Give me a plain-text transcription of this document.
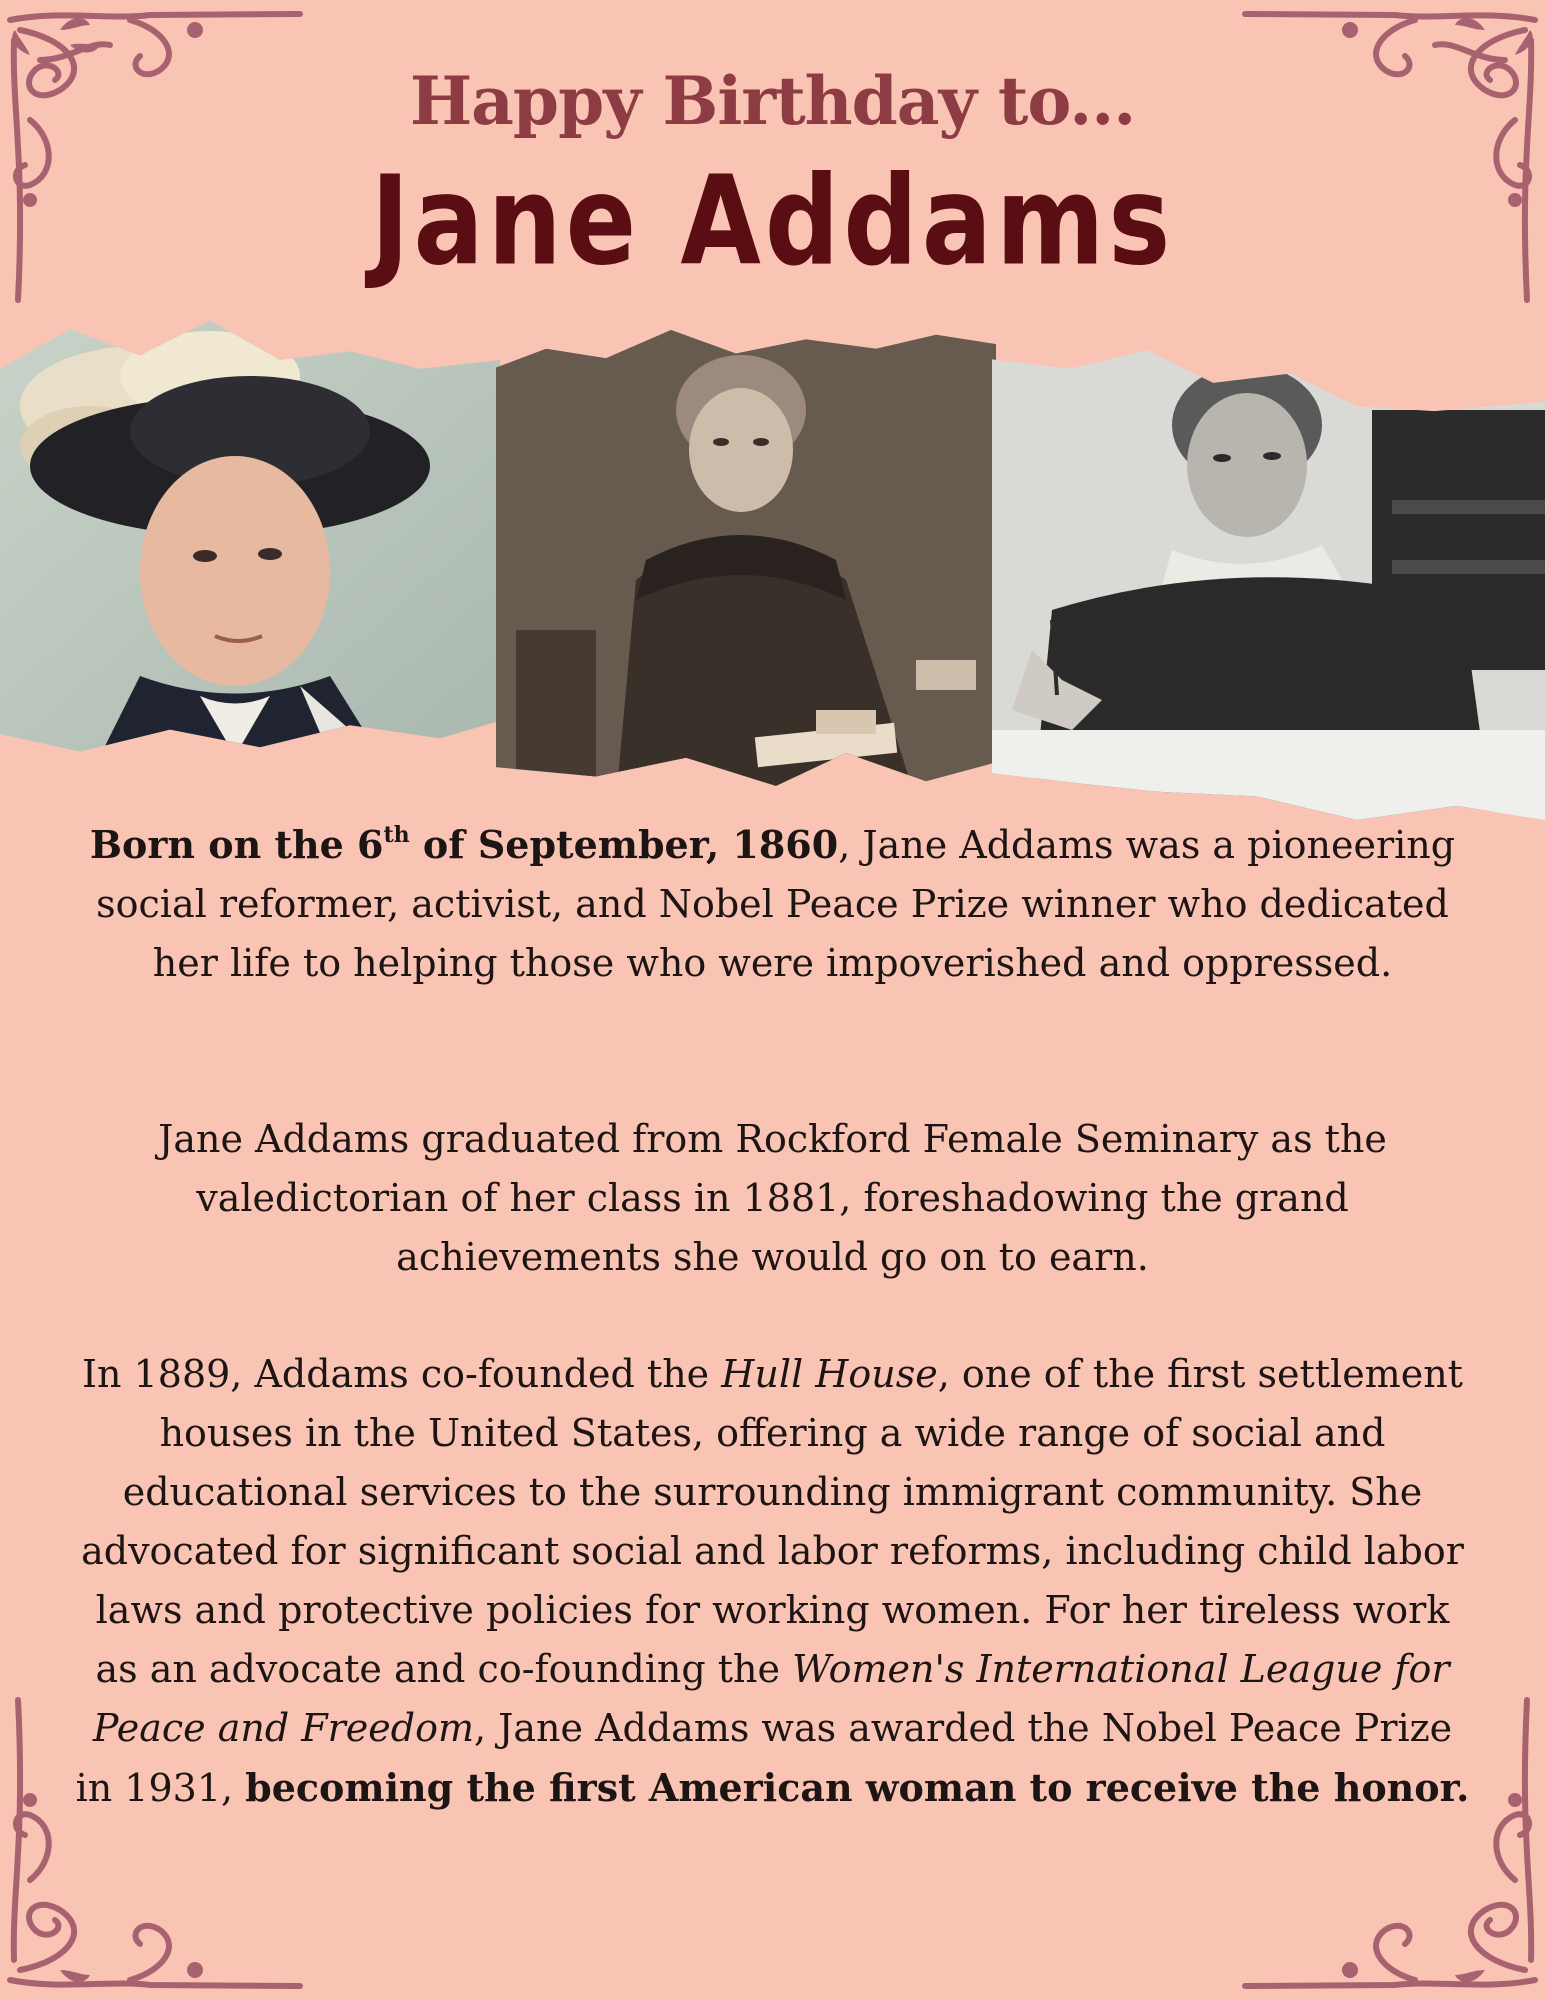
Happy Birthday to...
Jane Addams
Born on the 6th of September, 1860, Jane Addams was a pioneering social reformer, activist, and Nobel Peace Prize winner who dedicated her life to helping those who were impoverished and oppressed.
Jane Addams graduated from Rockford Female Seminary as the valedictorian of her class in 1881, foreshadowing the grand achievements she would go on to earn.
In 1889, Addams co-founded the Hull House, one of the first settlement houses in the United States, offering a wide range of social and educational services to the surrounding immigrant community. She advocated for significant social and labor reforms, including child labor laws and protective policies for working women. For her tireless work as an advocate and co-founding the Women's International League for Peace and Freedom, Jane Addams was awarded the Nobel Peace Prize in 1931, becoming the first American woman to receive the honor.
